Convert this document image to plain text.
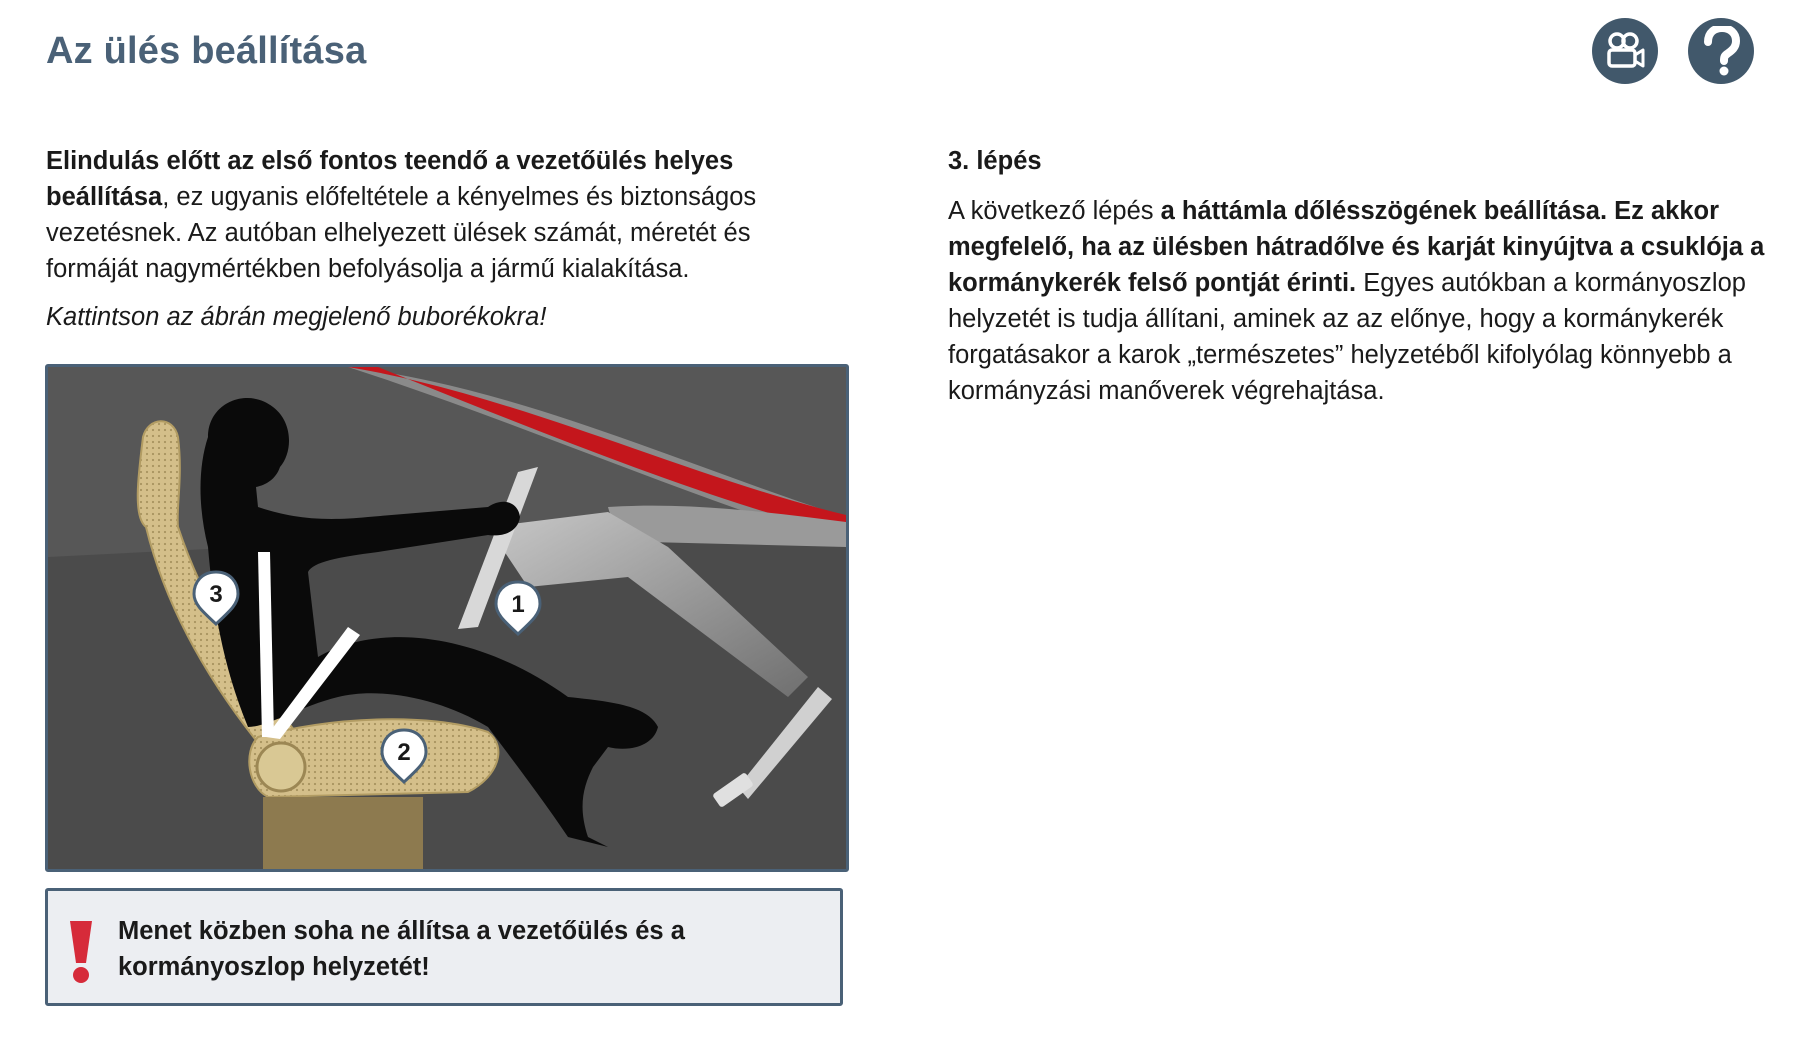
Az ülés beállítása

Elindulás előtt az első fontos teendő a vezetőülés helyes beállítása, ez ugyanis előfeltétele a kényelmes és biztonságos vezetésnek. Az autóban elhelyezett ülések számát, méretét és formáját nagymértékben befolyásolja a jármű kialakítása.

Kattintson az ábrán megjelenő buborékokra!

1
2
3
Menet közben soha ne állítsa a vezetőülés és a kormányoszlop helyzetét!

3. lépés

A következő lépés a háttámla dőlésszögének beállítása. Ez akkor megfelelő, ha az ülésben hátradőlve és karját kinyújtva a csuklója a kormánykerék felső pontját érinti. Egyes autókban a kormányoszlop helyzetét is tudja állítani, aminek az az előnye, hogy a kormánykerék forgatásakor a karok „természetes” helyzetéből kifolyólag könnyebb a kormányzási manőverek végrehajtása.
